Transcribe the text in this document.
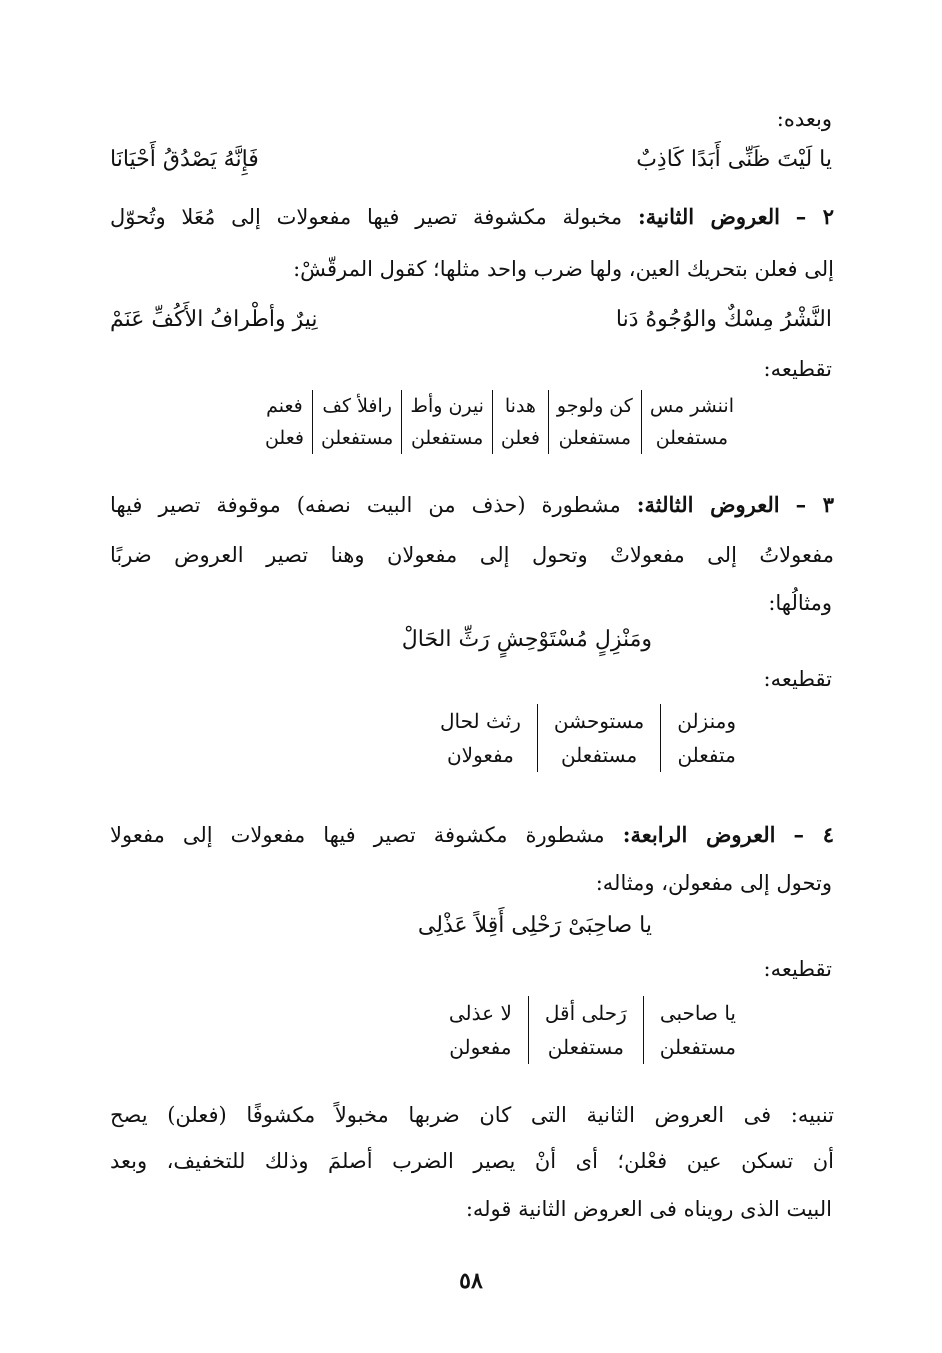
وبعده:
يا لَيْتَ ظَنِّى أَبَدًا كَاذِبٌ
فَإِنَّهُ يَصْدُقُ أَحْيَانَا
٢ – العروض الثانية: مخبولة مكشوفة تصير فيها مفعولات إلى مُعَلا وتُحوّل
إلى فعلن بتحريك العين، ولها ضرب واحد مثلها؛ كقول المرقّشْ:
النَّشْرُ مِسْكٌ والوُجُوهُ دَنا
نِيرٌ وأطْرافُ الأَكُفِّ عَنَمْ
تقطيعه:
اننشر مس	كن ولوجو	هدنا	نيرن وأط	رافلأ كف	فعنم
مستفعلن	مستفعلن	فعلن	مستفعلن	مستفعلن	فعلن
٣ – العروض الثالثة: مشطورة (حذف من البيت نصفه) موقوفة تصير فيها
مفعولاتُ إلى مفعولاتْ وتحول إلى مفعولان وهنا تصير العروض ضربًا
ومثالُها:
ومَنْزِلٍ مُسْتَوْحِشٍ رَثِّ الحَالْ
تقطيعه:
ومنزلن	مستوحشن	رثث لحال
متفعلن	مستفعلن	مفعولان
٤ – العروض الرابعة: مشطورة مكشوفة تصير فيها مفعولات إلى مفعولا
وتحول إلى مفعولن، ومثاله:
يا صاحِبَىْ رَحْلِى أَقِلاً عَذْلِى
تقطيعه:
يا صاحبى	رَحلى أقل	لا عذلى
مستفعلن	مستفعلن	مفعولن
تنبيه: فى العروض الثانية التى كان ضربها مخبولاً مكشوفًا (فعلن) يصح
أن تسكن عين فعْلن؛ أى أنْ يصير الضرب أصلمَ وذلك للتخفيف، وبعد
البيت الذى رويناه فى العروض الثانية قوله:
٥٨
